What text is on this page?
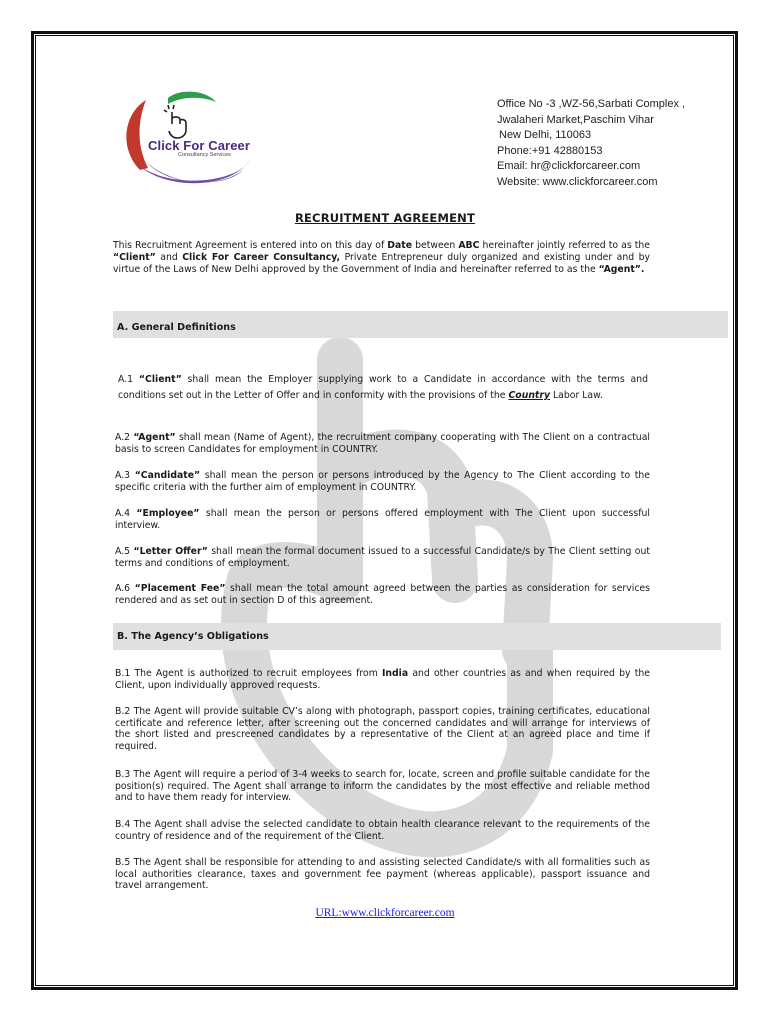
Click For Career
Consultancy Services
Office No -3 ,WZ-56,Sarbati Complex ,
Jwalaheri Market,Paschim Vihar
New Delhi, 110063
Phone:+91 42880153
Email: hr@clickforcareer.com
Website: www.clickforcareer.com
RECRUITMENT AGREEMENT
This Recruitment Agreement is entered into on this day of Date between ABC hereinafter jointly referred to as the “Client” and Click For Career Consultancy, Private Entrepreneur duly organized and existing under and by virtue of the Laws of New Delhi approved by the Government of India and hereinafter referred to as the “Agent”.
A. General Definitions
A.1 “Client” shall mean the Employer supplying work to a Candidate in accordance with the terms and conditions set out in the Letter of Offer and in conformity with the provisions of the Country Labor Law.
A.2 “Agent” shall mean (Name of Agent), the recruitment company cooperating with The Client on a contractual basis to screen Candidates for employment in COUNTRY.
A.3 “Candidate” shall mean the person or persons introduced by the Agency to The Client according to the specific criteria with the further aim of employment in COUNTRY.
A.4 “Employee” shall mean the person or persons offered employment with The Client upon successful interview.
A.5 “Letter Offer” shall mean the formal document issued to a successful Candidate/s by The Client setting out terms and conditions of employment.
A.6 “Placement Fee” shall mean the total amount agreed between the parties as consideration for services rendered and as set out in section D of this agreement.
B. The Agency’s Obligations
B.1 The Agent is authorized to recruit employees from India and other countries as and when required by the Client, upon individually approved requests.
B.2 The Agent will provide suitable CV’s along with photograph, passport copies, training certificates, educational certificate and reference letter, after screening out the concerned candidates and will arrange for interviews of the short listed and prescreened candidates by a representative of the Client at an agreed place and time if required.
B.3 The Agent will require a period of 3-4 weeks to search for, locate, screen and profile suitable candidate for the position(s) required. The Agent shall arrange to inform the candidates by the most effective and reliable method and to have them ready for interview.
B.4 The Agent shall advise the selected candidate to obtain health clearance relevant to the requirements of the country of residence and of the requirement of the Client.
B.5 The Agent shall be responsible for attending to and assisting selected Candidate/s with all formalities such as local authorities clearance, taxes and government fee payment (whereas applicable), passport issuance and travel arrangement.
URL:www.clickforcareer.com
